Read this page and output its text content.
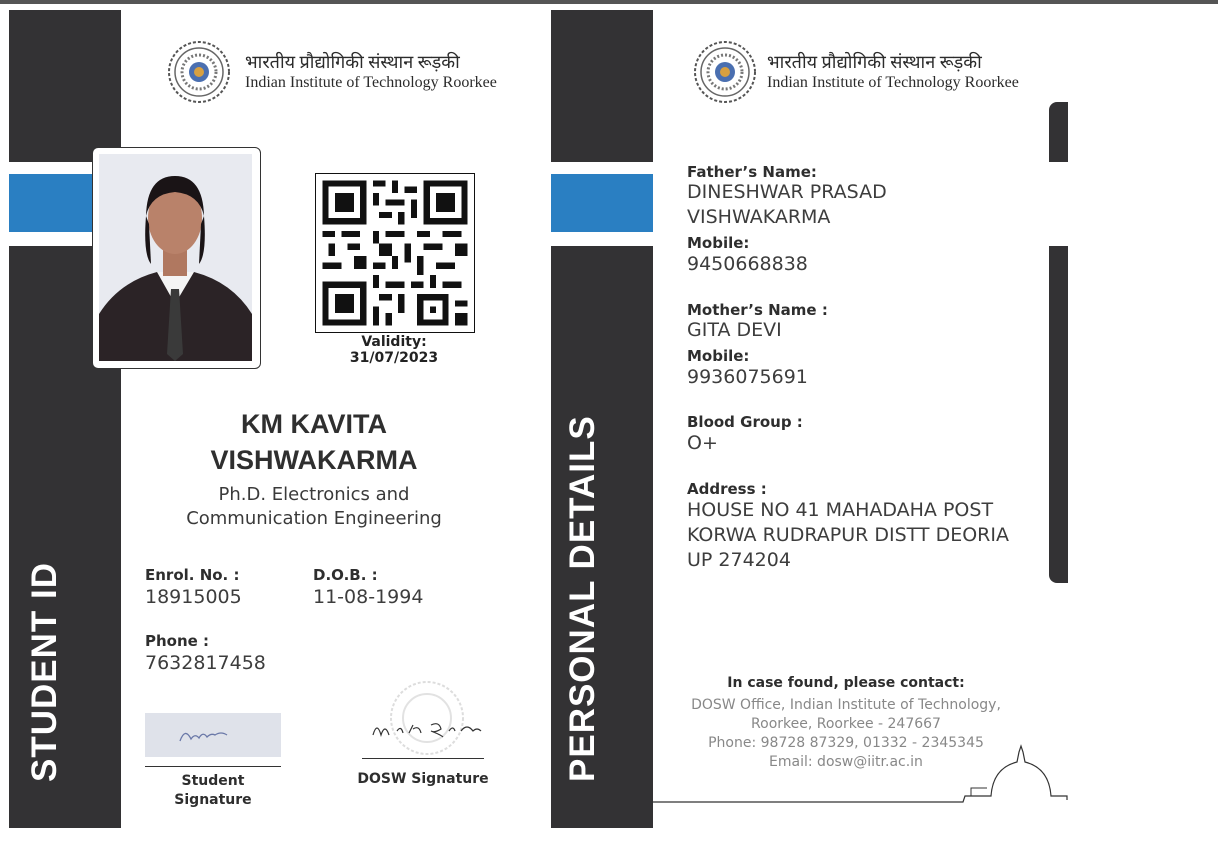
STUDENT ID
भारतीय प्रौद्योगिकी संस्थान रूड़की
Indian Institute of Technology Roorkee
Validity: 31/07/2023
KM KAVITA
VISHWAKARMA
Ph.D. Electronics and
Communication Engineering
Enrol. No. :
18915005
D.O.B. :
11-08-1994
Phone :
7632817458
Student
Signature
DOSW Signature PERSONAL DETAILS
भारतीय प्रौद्योगिकी संस्थान रूड़की
Indian Institute of Technology Roorkee
Father’s Name:
DINESHWAR PRASAD
VISHWAKARMA
Mobile:
9450668838
Mother’s Name :
GITA DEVI
Mobile:
9936075691
Blood Group :
O+
Address :
HOUSE NO 41 MAHADAHA POST
KORWA RUDRAPUR DISTT DEORIA
UP 274204
In case found, please contact:
DOSW Office, Indian Institute of Technology,
Roorkee, Roorkee - 247667
Phone: 98728 87329, 01332 - 2345345
Email: dosw@iitr.ac.in
